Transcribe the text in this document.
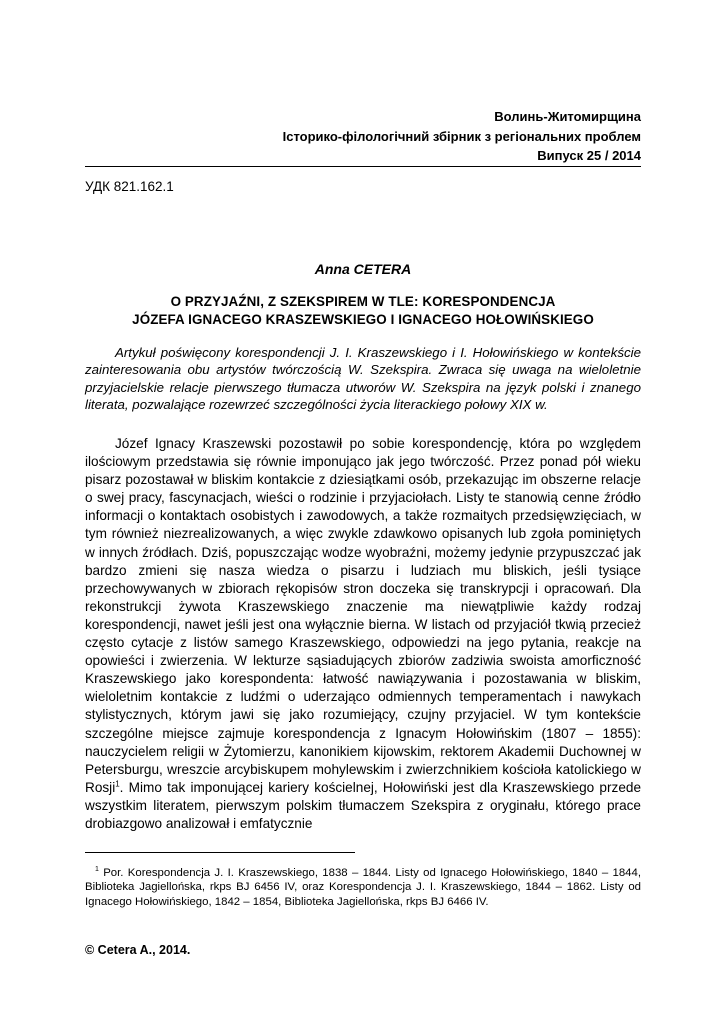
Волинь-Житомирщина
Історико-філологічний збірник з регіональних проблем
Випуск 25 / 2014
УДК 821.162.1
Anna CETERA
O PRZYJAŹNI, Z SZEKSPIREM W TLE: KORESPONDENCJA
JÓZEFA IGNACEGO KRASZEWSKIEGO I IGNACEGO HOŁOWIŃSKIEGO

Artykuł poświęcony korespondencji J. I. Kraszewskiego i I. Hołowińskiego w kontekście zainteresowania obu artystów twórczością W. Szekspira. Zwraca się uwaga na wieloletnie przyjacielskie relacje pierwszego tłumacza utworów W. Szekspira na język polski i znanego literata, pozwalające rozewrzeć szczególności życia literackiego połowy XIX w.

Józef Ignacy Kraszewski pozostawił po sobie korespondencję, która po względem ilościowym przedstawia się równie imponująco jak jego twórczość. Przez ponad pół wieku pisarz pozostawał w bliskim kontakcie z dziesiątkami osób, przekazując im obszerne relacje o swej pracy, fascynacjach, wieści o rodzinie i przyjaciołach. Listy te stanowią cenne źródło informacji o kontaktach osobistych i zawodowych, a także rozmaitych przedsięwzięciach, w tym również niezrealizowanych, a więc zwykle zdawkowo opisanych lub zgoła pominiętych w innych źródłach. Dziś, popuszczając wodze wyobraźni, możemy jedynie przypuszczać jak bardzo zmieni się nasza wiedza o pisarzu i ludziach mu bliskich, jeśli tysiące przechowywanych w zbiorach rękopisów stron doczeka się transkrypcji i opracowań. Dla rekonstrukcji żywota Kraszewskiego znaczenie ma niewątpliwie każdy rodzaj korespondencji, nawet jeśli jest ona wyłącznie bierna. W listach od przyjaciół tkwią przecież często cytacje z listów samego Kraszewskiego, odpowiedzi na jego pytania, reakcje na opowieści i zwierzenia. W lekturze sąsiadujących zbiorów zadziwia swoista amorficzność Kraszewskiego jako korespondenta: łatwość nawiązywania i pozostawania w bliskim, wieloletnim kontakcie z ludźmi o uderzająco odmiennych temperamentach i nawykach stylistycznych, którym jawi się jako rozumiejący, czujny przyjaciel. W tym kontekście szczególne miejsce zajmuje korespondencja z Ignacym Hołowińskim (1807 – 1855): nauczycielem religii w Żytomierzu, kanonikiem kijowskim, rektorem Akademii Duchownej w Petersburgu, wreszcie arcybiskupem mohylewskim i zwierzchnikiem kościoła katolickiego w Rosji$^1$. Mimo tak imponującej kariery kościelnej, Hołowiński jest dla Kraszewskiego przede wszystkim literatem, pierwszym polskim tłumaczem Szekspira z oryginału, którego prace drobiazgowo analizował i emfatycznie

$^1$ Por. Korespondencja J. I. Kraszewskiego, 1838 – 1844. Listy od Ignacego Hołowińskiego, 1840 – 1844, Biblioteka Jagiellońska, rkps BJ 6456 IV, oraz Korespondencja J. I. Kraszewskiego, 1844 – 1862. Listy od Ignacego Hołowińskiego, 1842 – 1854, Biblioteka Jagiellońska, rkps BJ 6466 IV.

© Cetera A., 2014.
